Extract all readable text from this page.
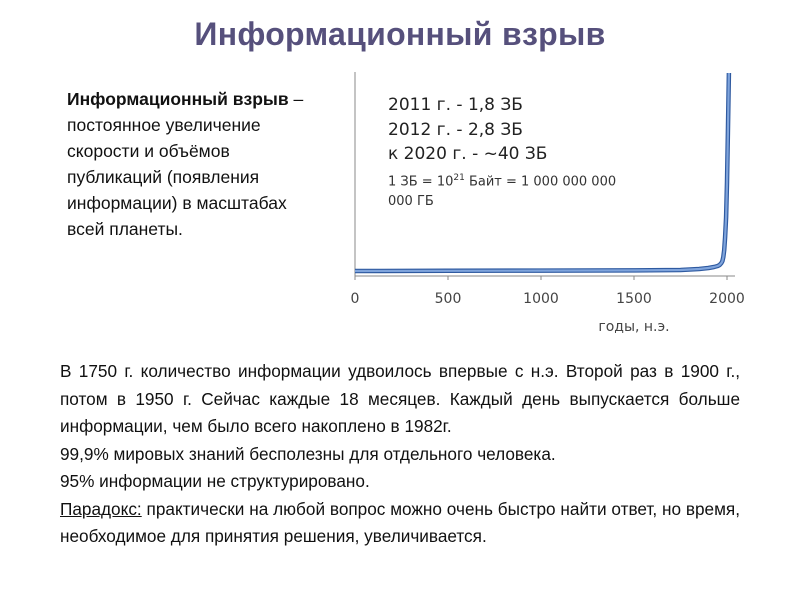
Информационный взрыв
Информационный взрыв – постоянное увеличение скорости и объёмов публикаций (появления информации) в масштабах всей планеты.
0	500	1000	1500	2000
годы, н.э.
2011 г. - 1,8 ЗБ
2012 г. - 2,8 ЗБ
к 2020 г. - ~40 ЗБ
1 ЗБ = $10^{21}$ Байт = 1 000 000 000 000 ГБ

В 1750 г. количество информации удвоилось впервые с н.э. Второй раз в 1900 г., потом в 1950 г. Сейчас каждые 18 месяцев. Каждый день выпускается больше информации, чем было всего накоплено в 1982г.

99,9% мировых знаний бесполезны для отдельного человека.

95% информации не структурировано.

Парадокс: практически на любой вопрос можно очень быстро найти ответ, но время, необходимое для принятия решения, увеличивается.
